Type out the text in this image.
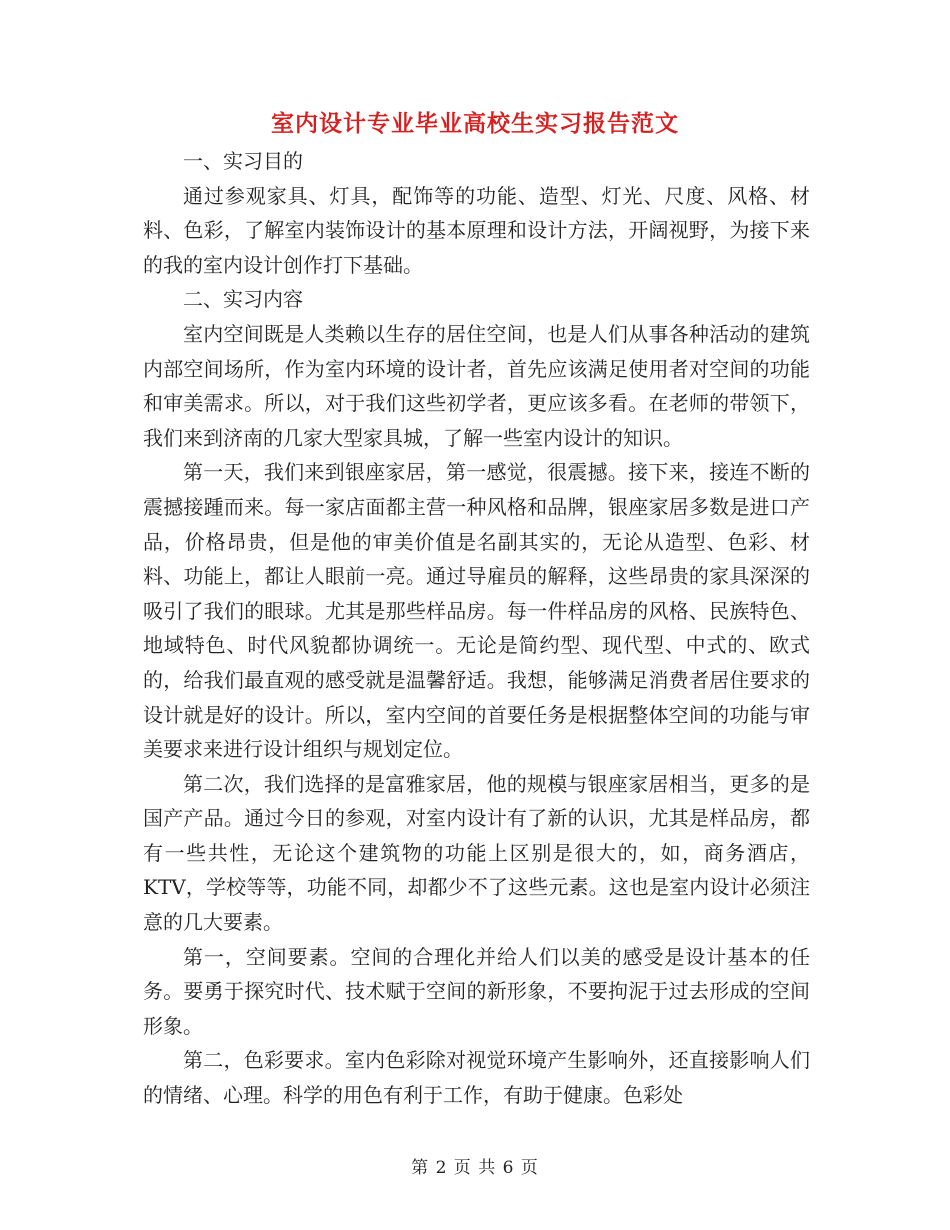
室内设计专业毕业高校生实习报告范文

一、实习目的

通过参观家具、灯具，配饰等的功能、造型、灯光、尺度、风格、材料、色彩，了解室内装饰设计的基本原理和设计方法，开阔视野，为接下来的我的室内设计创作打下基础。

二、实习内容

室内空间既是人类赖以生存的居住空间，也是人们从事各种活动的建筑内部空间场所，作为室内环境的设计者，首先应该满足使用者对空间的功能和审美需求。所以，对于我们这些初学者，更应该多看。在老师的带领下，我们来到济南的几家大型家具城，了解一些室内设计的知识。

第一天，我们来到银座家居，第一感觉，很震撼。接下来，接连不断的震撼接踵而来。每一家店面都主营一种风格和品牌，银座家居多数是进口产品，价格昂贵，但是他的审美价值是名副其实的，无论从造型、色彩、材料、功能上，都让人眼前一亮。通过导雇员的解释，这些昂贵的家具深深的吸引了我们的眼球。尤其是那些样品房。每一件样品房的风格、民族特色、地域特色、时代风貌都协调统一。无论是简约型、现代型、中式的、欧式的，给我们最直观的感受就是温馨舒适。我想，能够满足消费者居住要求的设计就是好的设计。所以，室内空间的首要任务是根据整体空间的功能与审美要求来进行设计组织与规划定位。

第二次，我们选择的是富雅家居，他的规模与银座家居相当，更多的是国产产品。通过今日的参观，对室内设计有了新的认识，尤其是样品房，都有一些共性，无论这个建筑物的功能上区别是很大的，如，商务酒店，KTV，学校等等，功能不同，却都少不了这些元素。这也是室内设计必须注意的几大要素。

第一，空间要素。空间的合理化并给人们以美的感受是设计基本的任务。要勇于探究时代、技术赋于空间的新形象，不要拘泥于过去形成的空间形象。

第二，色彩要求。室内色彩除对视觉环境产生影响外，还直接影响人们的情绪、心理。科学的用色有利于工作，有助于健康。色彩处

第 2 页 共 6 页
